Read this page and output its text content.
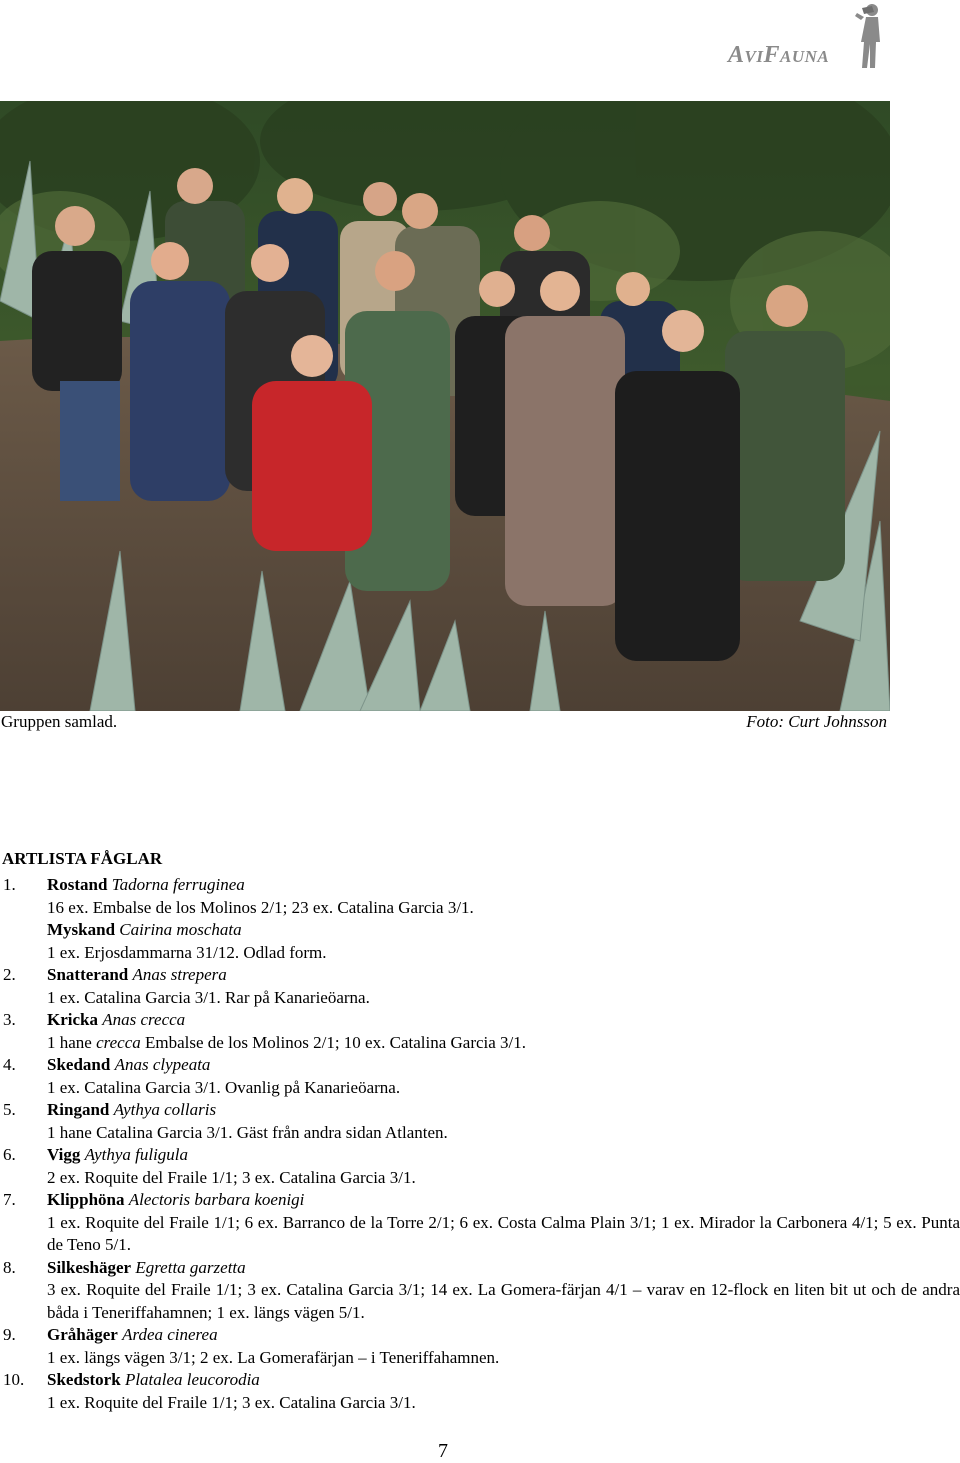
AVIFAUNA
Gruppen samlad.	Foto: Curt Johnsson
ARTLISTA FÅGLAR
1.	Rostand Tadorna ferruginea
16 ex. Embalse de los Molinos 2/1; 23 ex. Catalina Garcia 3/1.
Myskand Cairina moschata
1 ex. Erjosdammarna 31/12. Odlad form.
2.	Snatterand Anas strepera
1 ex. Catalina Garcia 3/1. Rar på Kanarieöarna.
3.	Kricka Anas crecca
1 hane crecca Embalse de los Molinos 2/1; 10 ex. Catalina Garcia 3/1.
4.	Skedand Anas clypeata
1 ex. Catalina Garcia 3/1. Ovanlig på Kanarieöarna.
5.	Ringand Aythya collaris
1 hane Catalina Garcia 3/1. Gäst från andra sidan Atlanten.
6.	Vigg Aythya fuligula
2 ex. Roquite del Fraile 1/1; 3 ex. Catalina Garcia 3/1.
7.	Klipphöna Alectoris barbara koenigi
1 ex. Roquite del Fraile 1/1; 6 ex. Barranco de la Torre 2/1; 6 ex. Costa Calma Plain 3/1; 1 ex. Mirador la Carbonera 4/1; 5 ex. Punta de Teno 5/1.
8.	Silkeshäger Egretta garzetta
3 ex. Roquite del Fraile 1/1; 3 ex. Catalina Garcia 3/1; 14 ex. La Gomera-färjan 4/1 – varav en 12-flock en liten bit ut och de andra båda i Teneriffahamnen; 1 ex. längs vägen 5/1.
9.	Gråhäger Ardea cinerea
1 ex. längs vägen 3/1; 2 ex. La Gomerafärjan – i Teneriffahamnen.
10.	Skedstork Platalea leucorodia
1 ex. Roquite del Fraile 1/1; 3 ex. Catalina Garcia 3/1.
7
